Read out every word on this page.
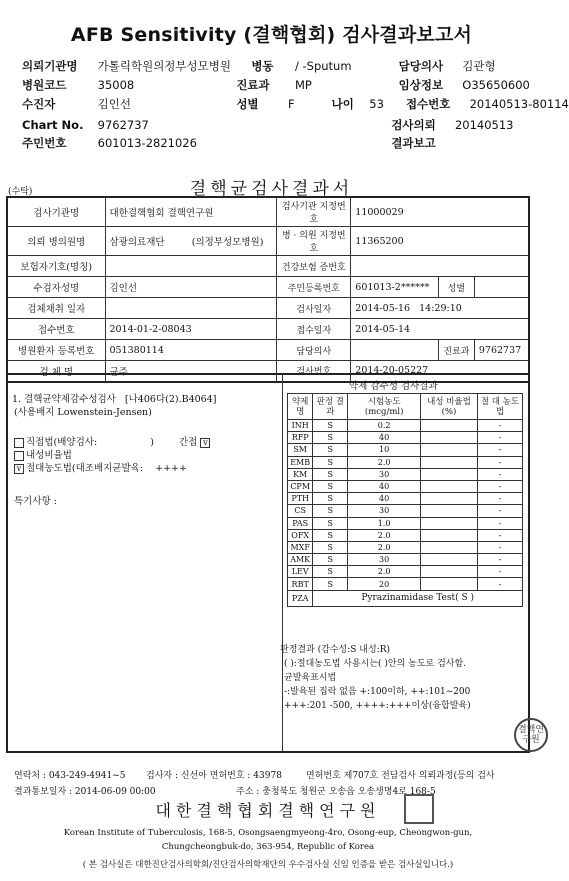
AFB Sensitivity (결핵협회) 검사결과보고서
의뢰기관명 가톨릭학원의정부성모병원 병동 / -Sputum	담당의사 김관형
병원코드	35008	진료과 MP	임상정보 O35650600
수진자	김인선	성별	F	나이 53 접수번호 20140513-80114
Chart No. 9762737	검사의뢰 20140513
주민번호	601013-2821026	결과보고
(수탁)	결핵균검사결과서
검사기관명	대한결핵협회 결핵연구원	검사기관 지정번호	11000029		
의뢰 병의원명	삼광의료재단 (의정부성모병원)	병 · 의원 지정번호	11365200		
보험자기호(명칭)		건강보험 증번호			
수검자성명	김인선	주민등록번호	601013-2******	성별	
검체채취 일자		검사일자	2014-05-16 14:29:10		
접수번호	2014-01-2-08043	접수일자	2014-05-14		
병원환자 등록번호	051380114	담당의사		진료과	9762737
검 체 명	균주	검사번호	2014-20-05227		
1. 결핵균약제감수성검사 [나406다(2).B4064]
(사용배지 Lowenstein-Jensen)
직접법(배양검사:	)	간접 v
내성비율법
v 절대농도법(대조배지균발육: ++++
특기사항 :
약제 감수성 검사결과
약제명	판정 결과	시험농도 (mcg/ml)	내성 비율법(%)	절 대 농도법
INH	S	0.2		-
RFP	S	40		-
SM	S	10		-
EMB	S	2.0		-
KM	S	30		-
CPM	S	40		-
PTH	S	40		-
CS	S	30		-
PAS	S	1.0		-
OFX	S	2.0		-
MXF	S	2.0		-
AMK	S	30		-
LEV	S	2.0		-
RBT	S	20		-
PZA	Pyrazinamidase Test( S )			
판정결과 (감수성:S 내성:R)
( ):절대농도법 사용시는( )안의 농도로 검사함.
균발육표시법
-:발육된 집락 없음 +:100이하, ++:101~200
+++:201 -500, ++++:+++이상(융합발육)
결핵연구원
연락처 : 043-249-4941~5 검사자 : 신선아 면허번호 : 43978	면허번호 제707호 전담검사 의뢰과정(등의 검사
결과통보일자 : 2014-06-09 00:00	주소 : 충청북도 청원군 오송읍 오송생명4로 168-5
대한결핵협회결핵연구원
Korean Institute of Tuberculosis, 168-5, Osongsaengmyeong-4ro, Osong-eup, Cheongwon-gun,
Chungcheongbuk-do, 363-954, Republic of Korea
( 본 검사실은 대한진단검사의학회/진단검사의학재단의 우수검사실 신임 인증을 받은 검사실입니다.)
